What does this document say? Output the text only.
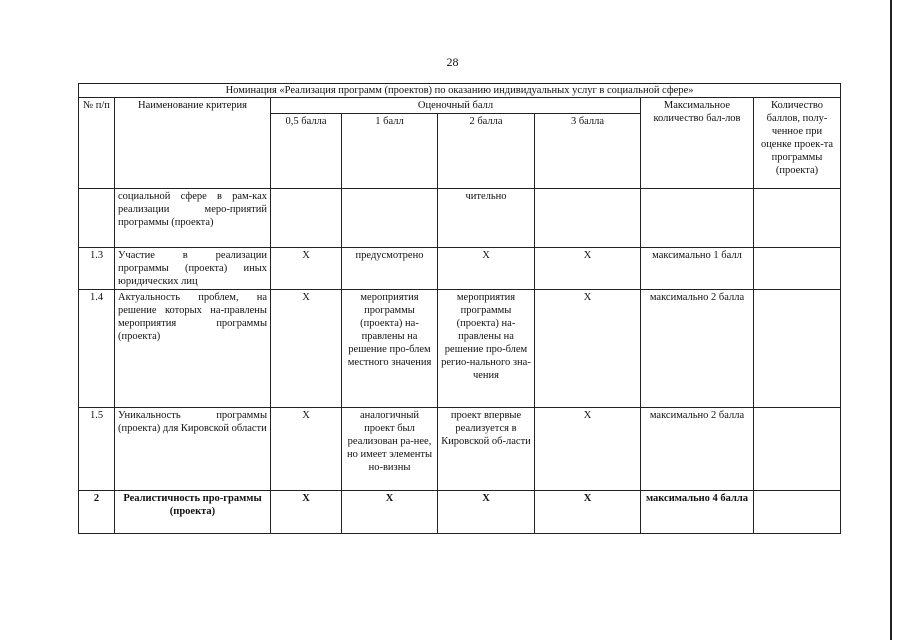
28
Номинация «Реализация программ (проектов) по оказанию индивидуальных услуг в социальной сфере»							
№ п/п	Наименование критерия	Оценочный балл				Максимальное количество бал-лов	Количество баллов, полу-ченное при оценке проек-та программы (проекта)
		0,5 балла	1 балл	2 балла	3 балла		
	социальной сфере в рам-ках реализации меро-приятий программы (проекта)			чительно			
1.3	Участие в реализации программы (проекта) иных юридических лиц	Х	предусмотрено	Х	Х	максимально 1 балл	
1.4	Актуальность проблем, на решение которых на-правлены мероприятия программы (проекта)	Х	мероприятия программы (проекта) на-правлены на решение про-блем местного значения	мероприятия программы (проекта) на-правлены на решение про-блем регио-нального зна-чения	Х	максимально 2 балла	
1.5	Уникальность программы (проекта) для Кировской области	Х	аналогичный проект был реализован ра-нее, но имеет элементы но-визны	проект впервые реализуется в Кировской об-ласти	Х	максимально 2 балла	
2	Реалистичность про-граммы (проекта)	Х	Х	Х	Х	максимально 4 балла	
